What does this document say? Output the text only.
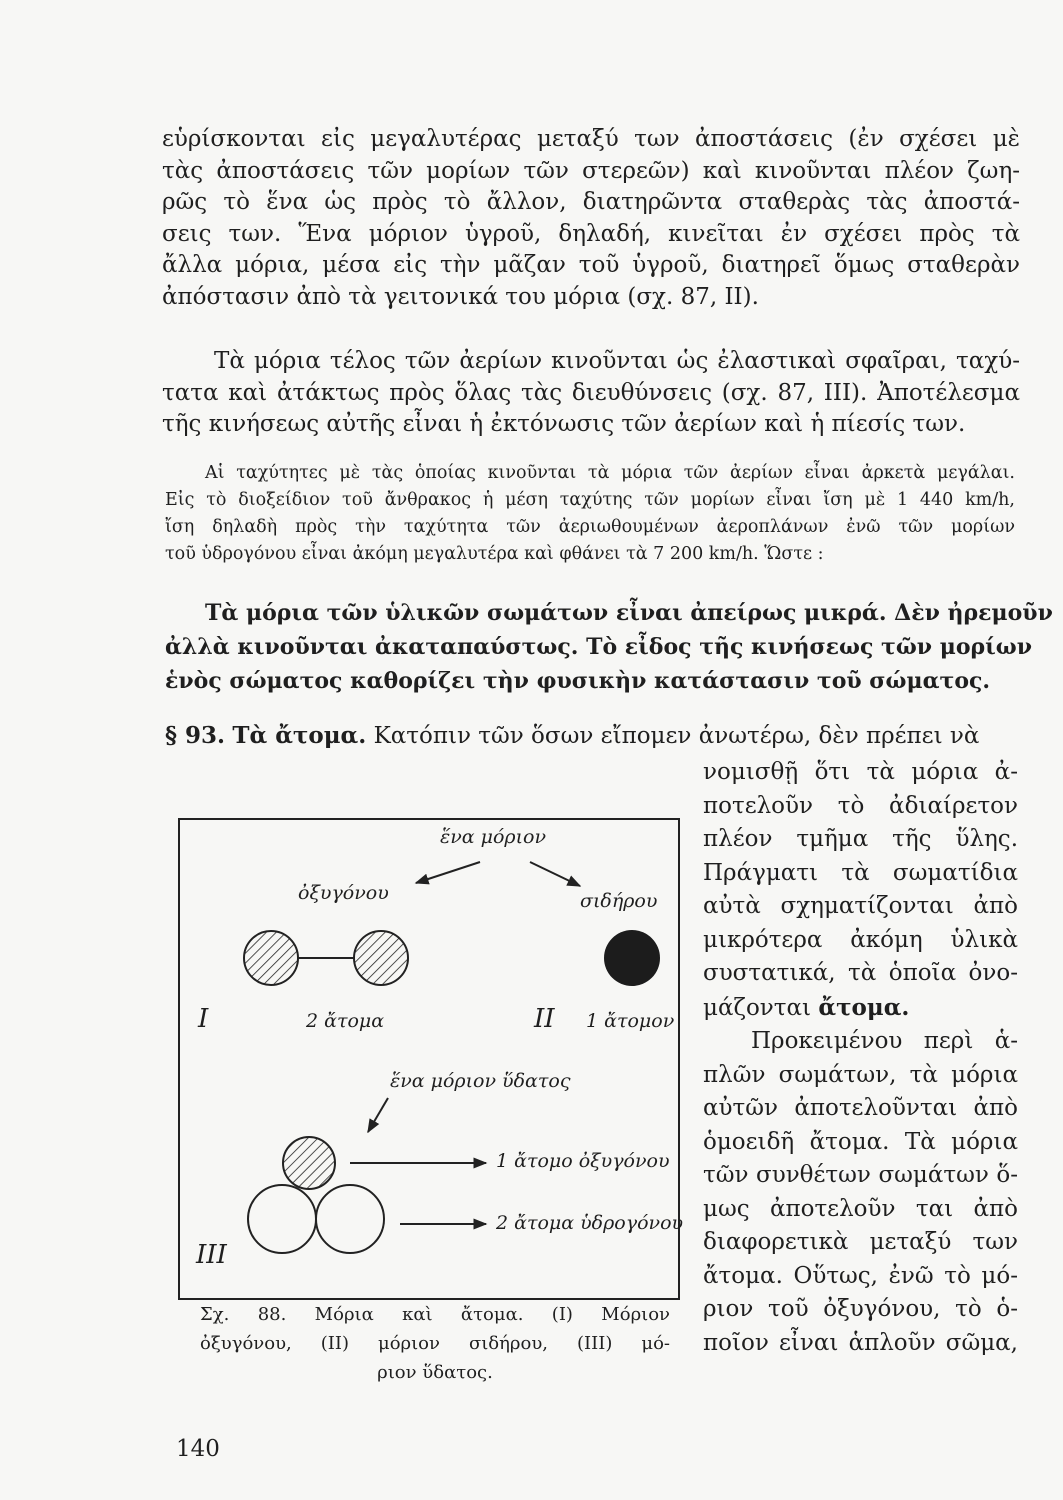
εὑρίσκονται εἰς μεγαλυτέρας μεταξύ των ἀποστάσεις (ἐν σχέσει μὲ
τὰς ἀποστάσεις τῶν μορίων τῶν στερεῶν) καὶ κινοῦνται πλέον ζωη-
ρῶς τὸ ἕνα ὡς πρὸς τὸ ἄλλον, διατηρῶντα σταθερὰς τὰς ἀποστά-
σεις των. Ἕνα μόριον ὑγροῦ, δηλαδή, κινεῖται ἐν σχέσει πρὸς τὰ
ἄλλα μόρια, μέσα εἰς τὴν μᾶζαν τοῦ ὑγροῦ, διατηρεῖ ὅμως σταθερὰν
ἀπόστασιν ἀπὸ τὰ γειτονικά του μόρια (σχ. 87, II).
Τὰ μόρια τέλος τῶν ἀερίων κινοῦνται ὡς ἐλαστικαὶ σφαῖραι, ταχύ-
τατα καὶ ἀτάκτως πρὸς ὅλας τὰς διευθύνσεις (σχ. 87, III). Ἀποτέλεσμα
τῆς κινήσεως αὐτῆς εἶναι ἡ ἐκτόνωσις τῶν ἀερίων καὶ ἡ πίεσίς των.
Αἱ ταχύτητες μὲ τὰς ὁποίας κινοῦνται τὰ μόρια τῶν ἀερίων εἶναι ἀρκετὰ μεγάλαι.
Εἰς τὸ διοξείδιον τοῦ ἄνθρακος ἡ μέση ταχύτης τῶν μορίων εἶναι ἴση μὲ 1 440 km/h,
ἴση δηλαδὴ πρὸς τὴν ταχύτητα τῶν ἀεριωθουμένων ἀεροπλάνων ἐνῶ τῶν μορίων
τοῦ ὑδρογόνου εἶναι ἀκόμη μεγαλυτέρα καὶ φθάνει τὰ 7 200 km/h. Ὥστε :
Τὰ μόρια τῶν ὑλικῶν σωμάτων εἶναι ἀπείρως μικρά. Δὲν ἠρεμοῦν
ἀλλὰ κινοῦνται ἀκαταπαύστως. Τὸ εἶδος τῆς κινήσεως τῶν μορίων
ἑνὸς σώματος καθορίζει τὴν φυσικὴν κατάστασιν τοῦ σώματος.
§ 93. Τὰ ἄτομα. Κατόπιν τῶν ὅσων εἴπομεν ἀνωτέρω, δὲν πρέπει νὰ
νομισθῇ ὅτι τὰ μόρια ἀ-
ποτελοῦν τὸ ἀδιαίρετον
πλέον τμῆμα τῆς ὕλης.
Πράγματι τὰ σωματίδια
αὐτὰ σχηματίζονται ἀπὸ
μικρότερα ἀκόμη ὑλικὰ
συστατικά, τὰ ὁποῖα ὀνο-
μάζονται ἄτομα.
Προκειμένου περὶ ἁ-
πλῶν σωμάτων, τὰ μόρια
αὐτῶν ἀποτελοῦνται ἀπὸ
ὁμοειδῆ ἄτομα. Τὰ μόρια
τῶν συνθέτων σωμάτων ὅ-
μως ἀποτελοῦν ται ἀπὸ
διαφορετικὰ μεταξύ των
ἄτομα. Οὕτως, ἐνῶ τὸ μό-
ριον τοῦ ὀξυγόνου, τὸ ὁ-
ποῖον εἶναι ἁπλοῦν σῶμα,
ἕνα μόριον
ὀξυγόνου	σιδήρου
I	2 ἄτομα	II 1 ἄτομον
ἕνα μόριον ὕδατος
1 ἄτομο ὀξυγόνου
2 ἄτομα ὑδρογόνου
III
Σχ. 88. Μόρια καὶ ἄτομα. (I) Μόριον
ὀξυγόνου, (II) μόριον σιδήρου, (III) μό-
ριον ὕδατος.
140
